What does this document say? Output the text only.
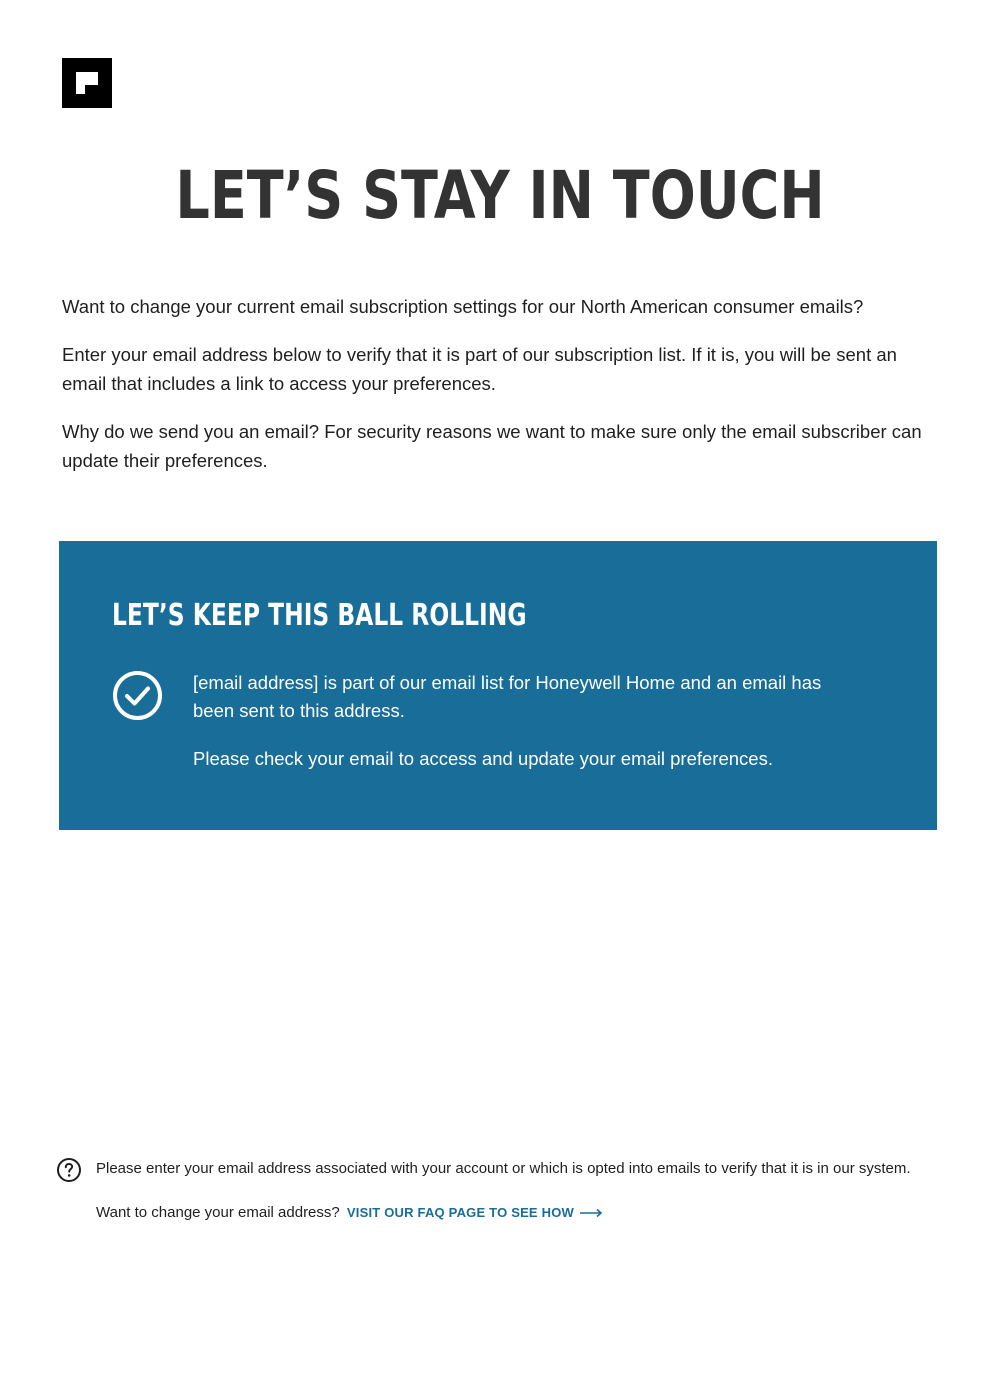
LET’S STAY IN TOUCH

Want to change your current email subscription settings for our North American consumer emails?

Enter your email address below to verify that it is part of our subscription list. If it is, you will be sent an email that includes a link to access your preferences.

Why do we send you an email? For security reasons we want to make sure only the email subscriber can update their preferences.

LET’S KEEP THIS BALL ROLLING

[email address] is part of our email list for Honeywell Home and an email has been sent to this address.

Please check your email to access and update your email preferences.

Please enter your email address associated with your account or which is opted into emails to verify that it is in our system.

Want to change your email address? VISIT OUR FAQ PAGE TO SEE HOW
